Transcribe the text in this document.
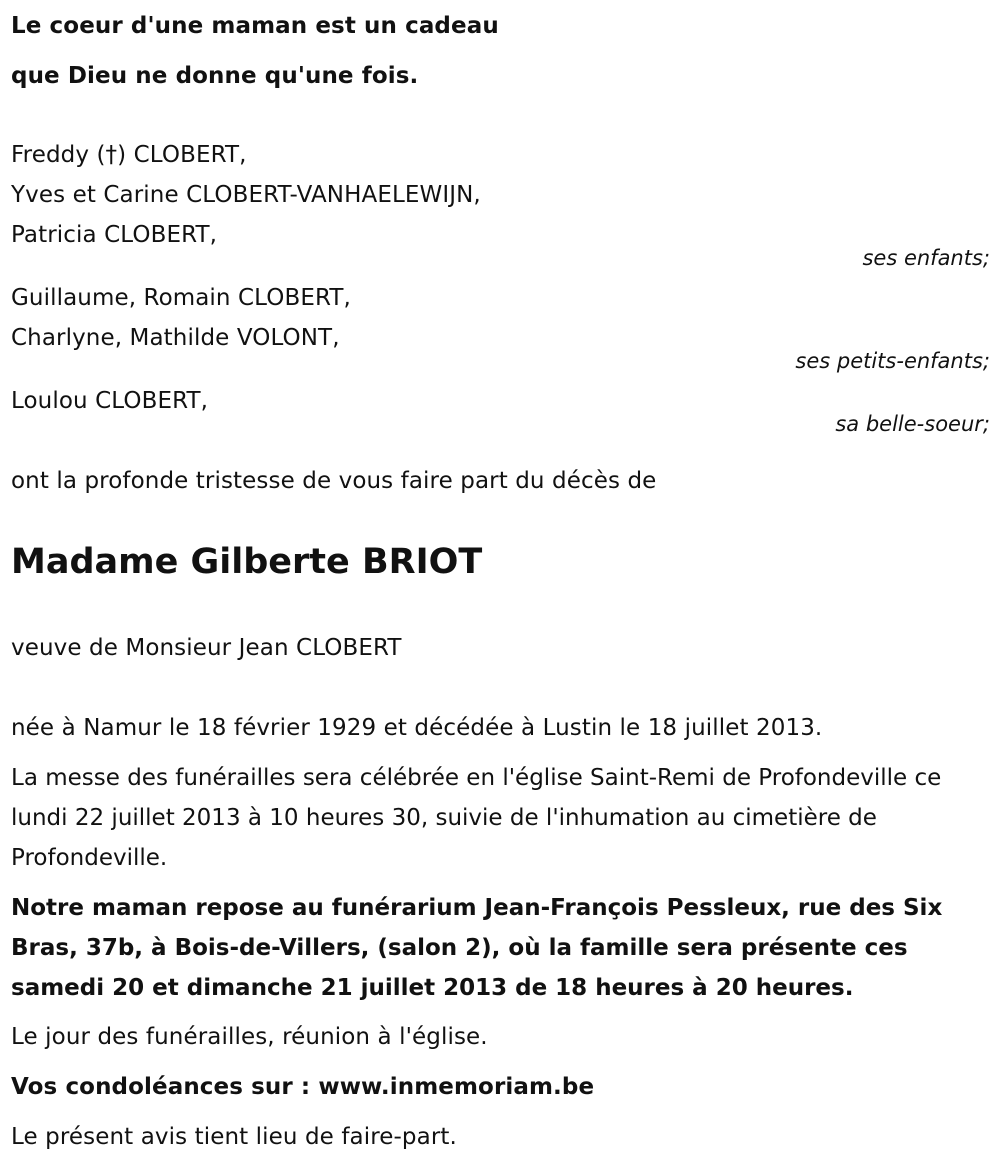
Le coeur d'une maman est un cadeau
que Dieu ne donne qu'une fois.
Freddy (†) CLOBERT,
Yves et Carine CLOBERT-VANHAELEWIJN,
Patricia CLOBERT,
ses enfants;
Guillaume, Romain CLOBERT,
Charlyne, Mathilde VOLONT,
ses petits-enfants;
Loulou CLOBERT,
sa belle-soeur;
ont la profonde tristesse de vous faire part du décès de
Madame Gilberte BRIOT
veuve de Monsieur Jean CLOBERT
née à Namur le 18 février 1929 et décédée à Lustin le 18 juillet 2013.
La messe des funérailles sera célébrée en l'église Saint-Remi de Profondeville ce lundi 22 juillet 2013 à 10 heures 30, suivie de l'inhumation au cimetière de Profondeville.
Notre maman repose au funérarium Jean-François Pessleux, rue des Six Bras, 37b, à Bois-de-Villers, (salon 2), où la famille sera présente ces samedi 20 et dimanche 21 juillet 2013 de 18 heures à 20 heures.
Le jour des funérailles, réunion à l'église.
Vos condoléances sur : www.inmemoriam.be
Le présent avis tient lieu de faire-part.
